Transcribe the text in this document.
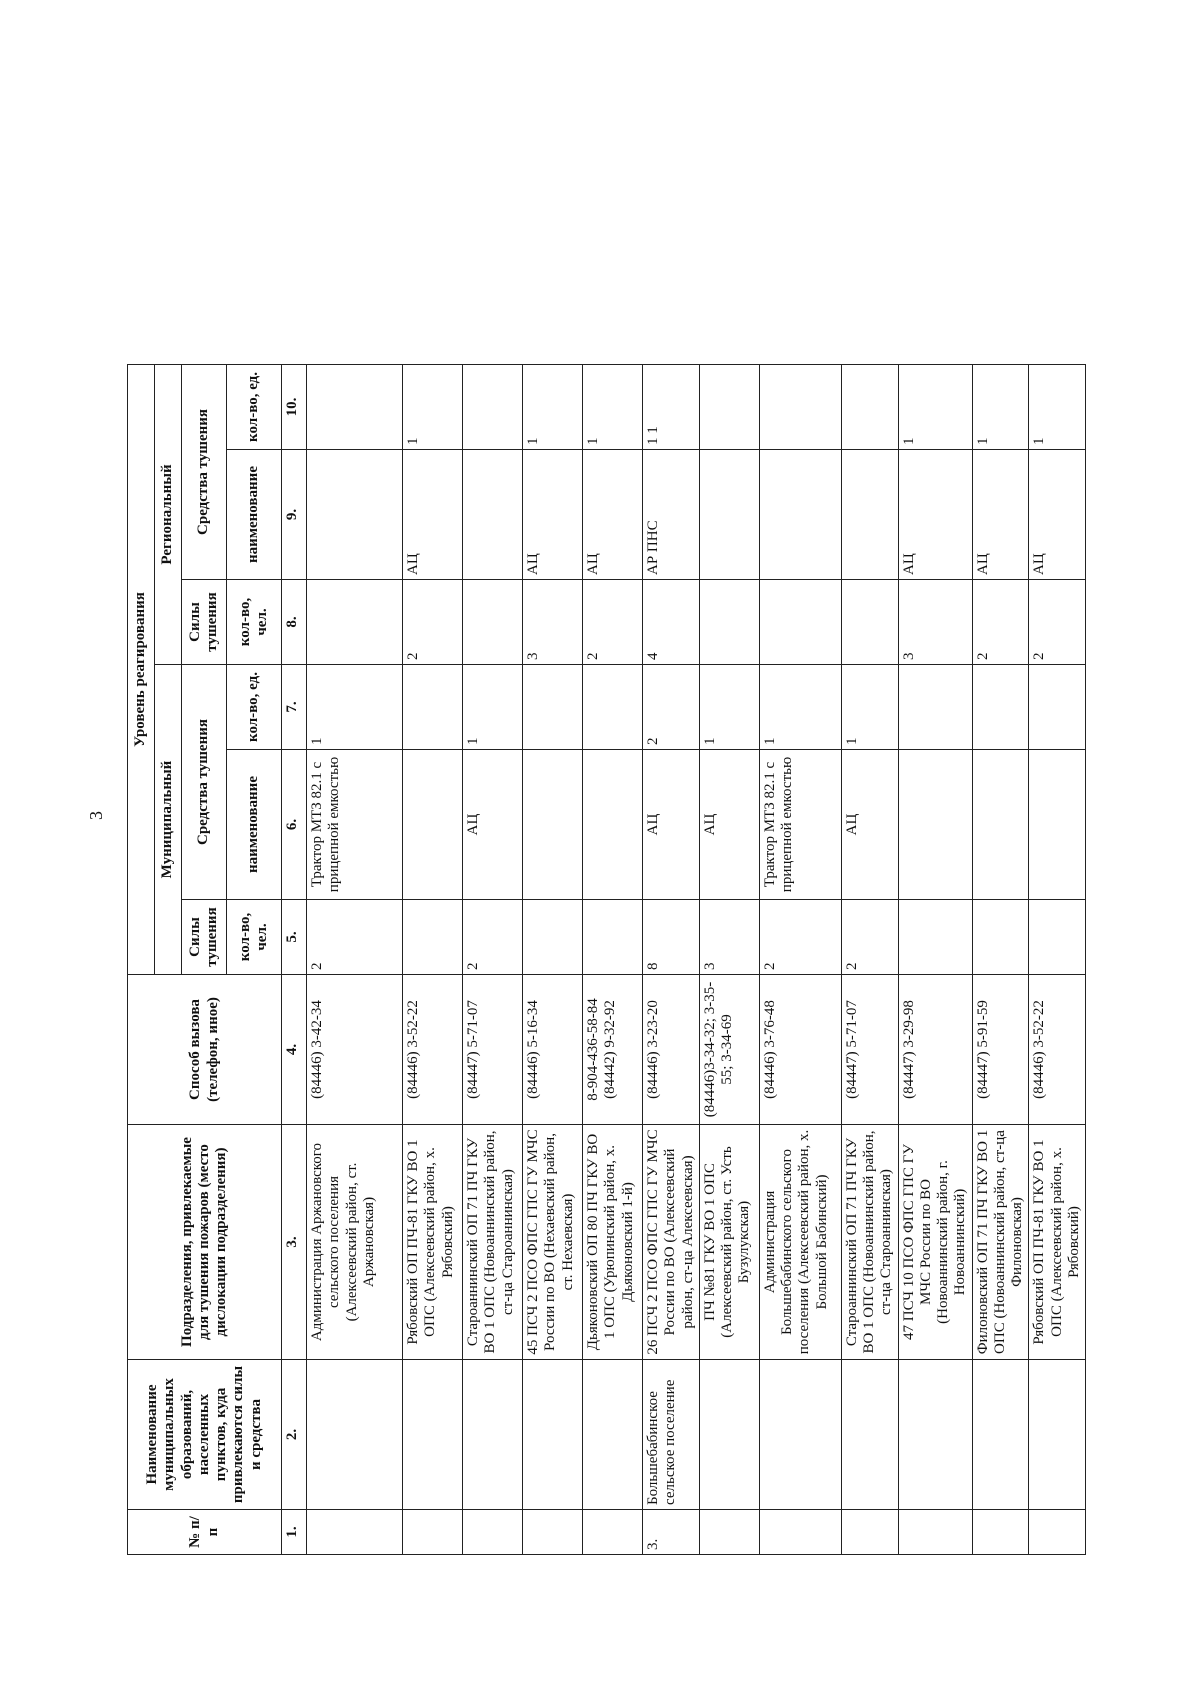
3
№ п/п	Наименование муниципальных образований, населенных пунктов, куда привлекаются силы и средства	Подразделения, привлекаемые для тушения пожаров (место дислокации подразделения)	Способ вызова (телефон, иное)	Уровень реагирования						
				Муниципальный			Региональный			
				Силы тушения	Средства тушения		Силы тушения	Средства тушения		
				кол-во, чел.	наименование	кол-во, ед.	кол-во, чел.	наименование	кол-во, ед.	
1.	2.	3.	4.	5.	6.	7.	8.	9.	10.	
		Администрация Аржановского сельского поселения (Алексеевский район, ст. Аржановская)	(84446) 3-42-34	2	Трактор МТЗ 82.1 с прицепной емкостью	1				
		Рябовский ОП ПЧ-81 ГКУ ВО 1 ОПС (Алексеевский район, х. Рябовский)	(84446) 3-52-22				2	АЦ	1	
		Староаннинский ОП 71 ПЧ ГКУ ВО 1 ОПС (Новоаннинский район, ст-ца Староаннинская)	(84447) 5-71-07	2	АЦ	1				
		45 ПСЧ 2 ПСО ФПС ГПС ГУ МЧС России по ВО (Нехаевский район, ст. Нехаевская)	(84446) 5-16-34				3	АЦ	1	
		Дьяконовский ОП 80 ПЧ ГКУ ВО 1 ОПС (Урюпинский район, х. Дьяконовский 1-й)	8-904-436-58-84 (84442) 9-32-92				2	АЦ	1	
3.	Большебабинское сельское поселение	26 ПСЧ 2 ПСО ФПС ГПС ГУ МЧС России по ВО (Алексеевский район, ст-ца Алексеевская)	(84446) 3-23-20	8	АЦ	2	4	АР ПНС	1 1	
		ПЧ №81 ГКУ ВО 1 ОПС (Алексеевский район, ст. Усть Бузулукская)	(84446)3-34-32; 3-35-55; 3-34-69	3	АЦ	1				
		Администрация Большебабинского сельского поселения (Алексеевский район, х. Большой Бабинский)	(84446) 3-76-48	2	Трактор МТЗ 82.1 с прицепной емкостью	1				
		Староаннинский ОП 71 ПЧ ГКУ ВО 1 ОПС (Новоаннинский район, ст-ца Староаннинская)	(84447) 5-71-07	2	АЦ	1				
		47 ПСЧ 10 ПСО ФПС ГПС ГУ МЧС России по ВО (Новоаннинский район, г. Новоаннинский)	(84447) 3-29-98				3	АЦ	1	
		Филоновский ОП 71 ПЧ ГКУ ВО 1 ОПС (Новоаннинский район, ст-ца Филоновская)	(84447) 5-91-59				2	АЦ	1	
		Рябовский ОП ПЧ-81 ГКУ ВО 1 ОПС (Алексеевский район, х. Рябовский)	(84446) 3-52-22				2	АЦ	1	
